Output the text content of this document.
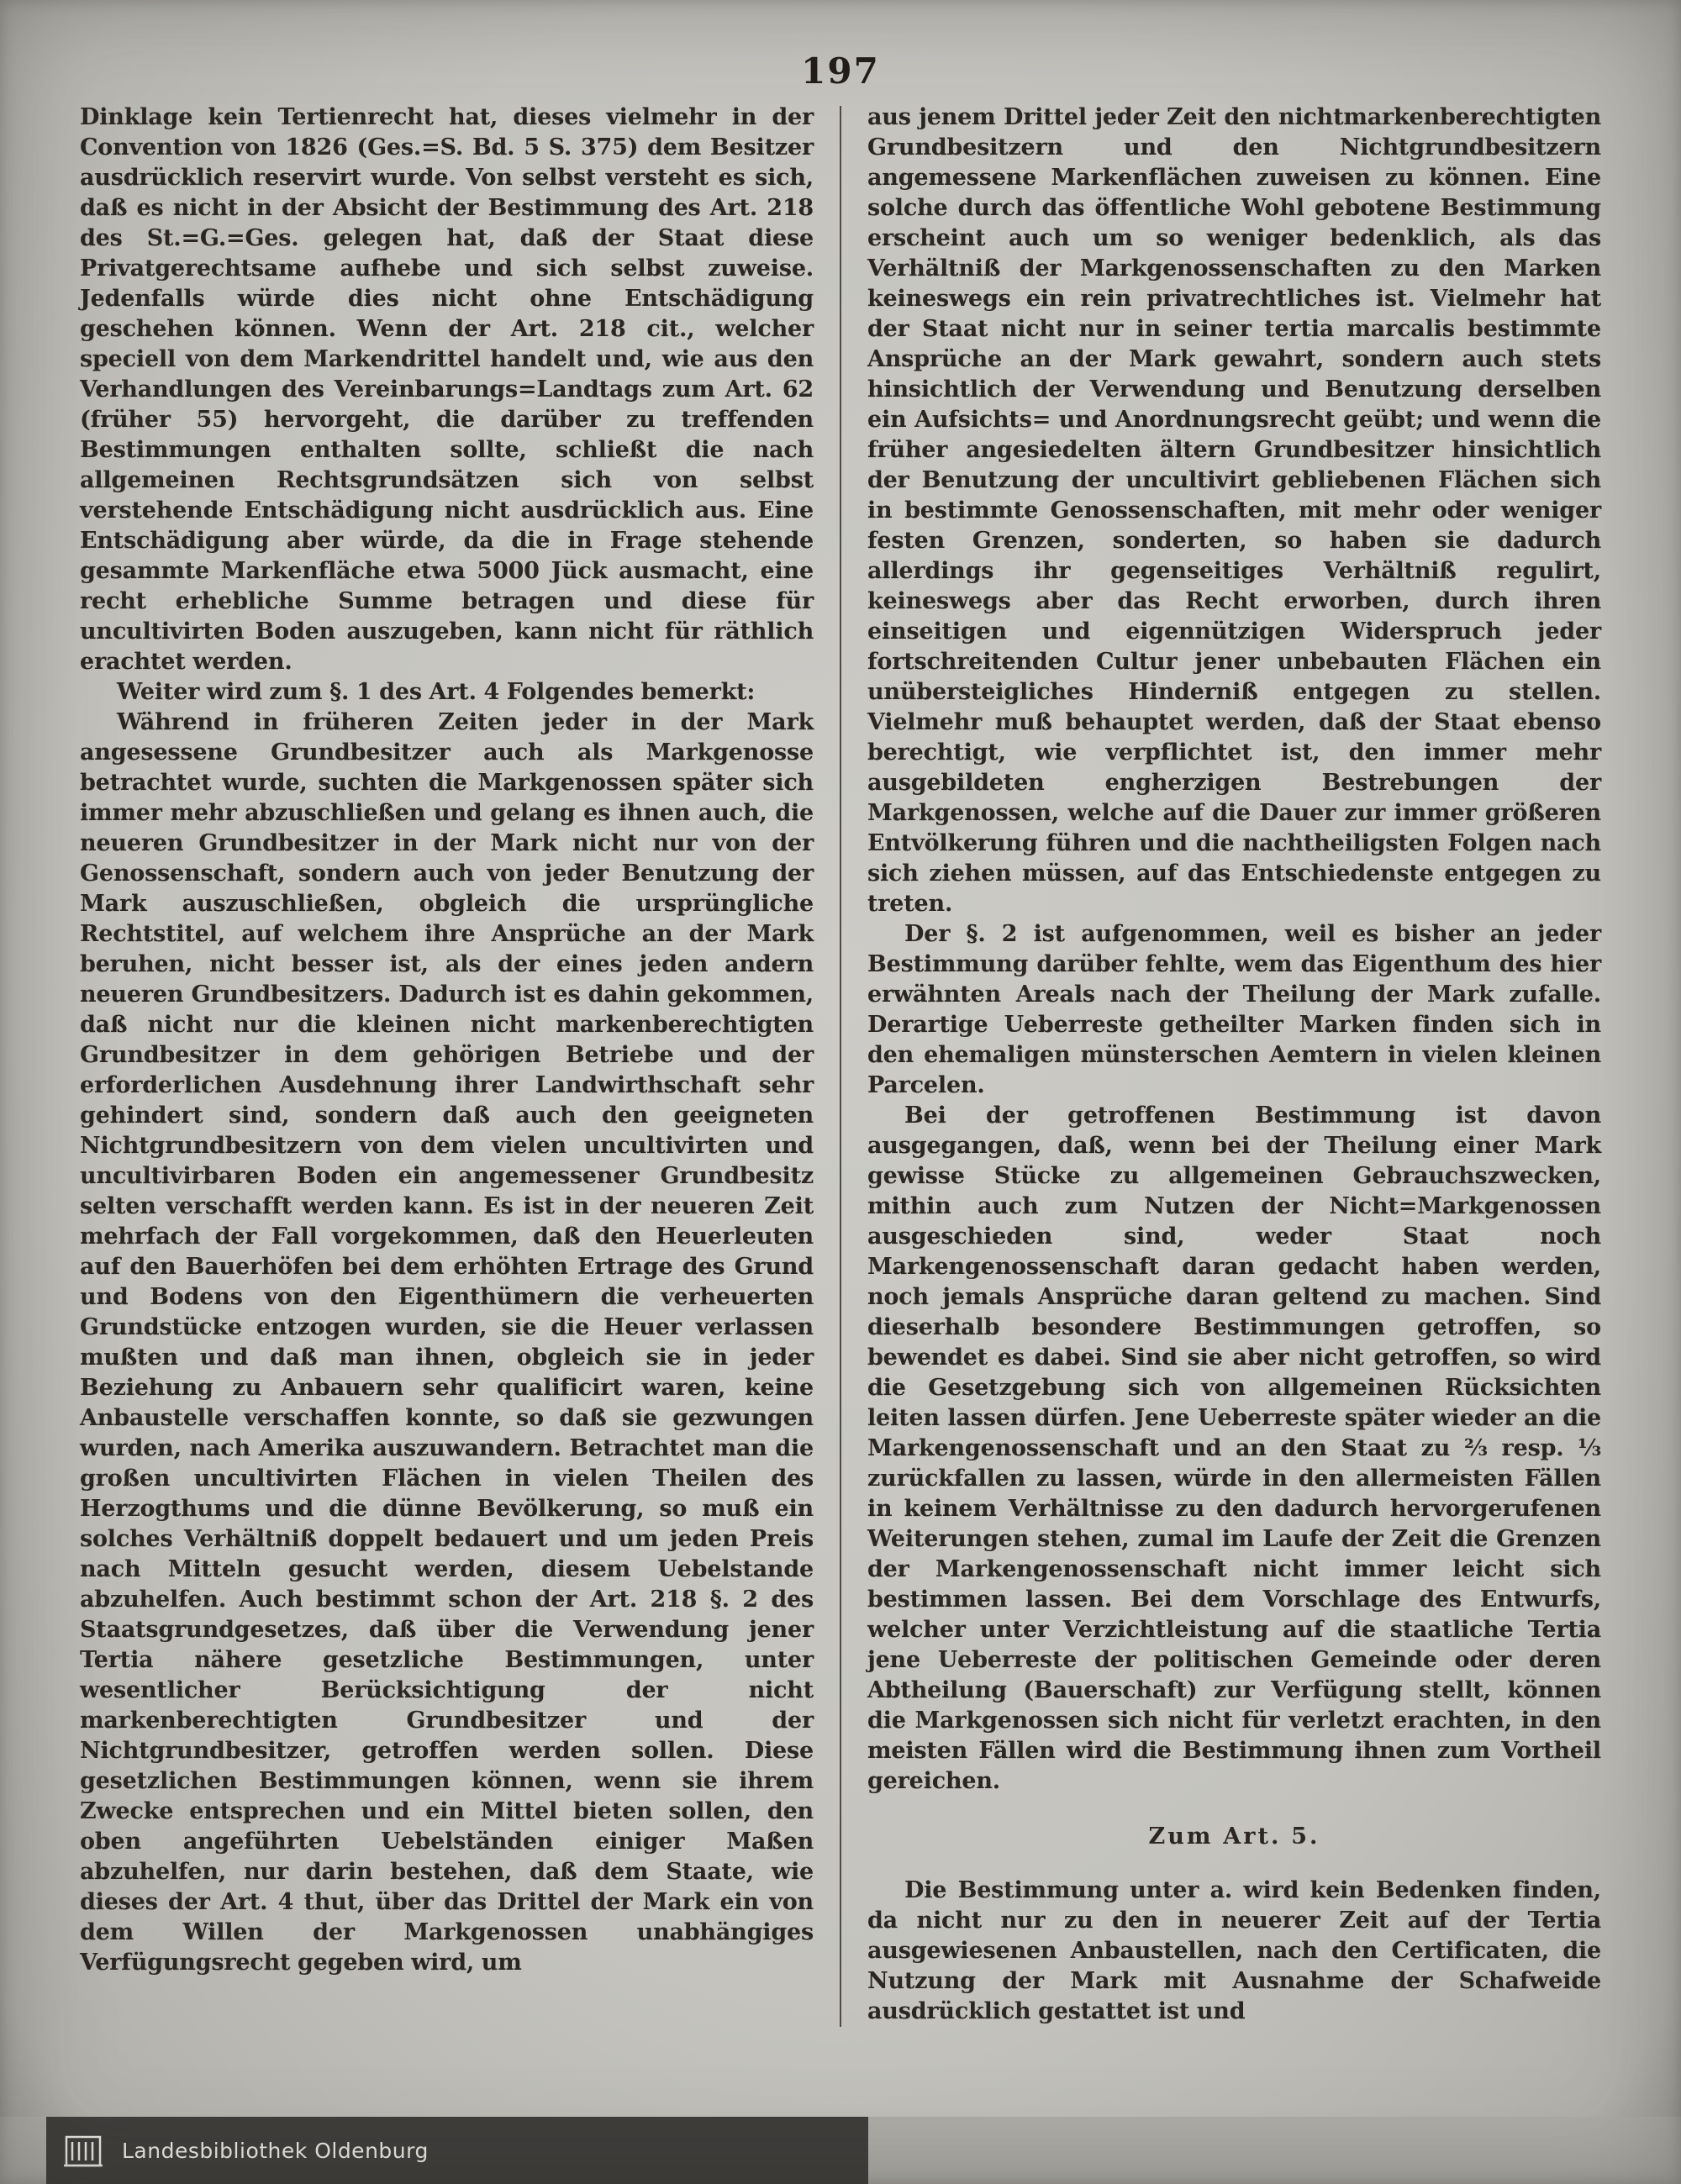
197

Dinklage kein Tertienrecht hat, dieses vielmehr in der Convention von 1826 (Ges.=S. Bd. 5 S. 375) dem Besitzer ausdrücklich reservirt wurde. Von selbst versteht es sich, daß es nicht in der Absicht der Bestimmung des Art. 218 des St.=G.=Ges. gelegen hat, daß der Staat diese Privatgerechtsame aufhebe und sich selbst zuweise. Jedenfalls würde dies nicht ohne Entschädigung geschehen können. Wenn der Art. 218 cit., welcher speciell von dem Markendrittel handelt und, wie aus den Verhandlungen des Vereinbarungs=Landtags zum Art. 62 (früher 55) hervorgeht, die darüber zu treffenden Bestimmungen enthalten sollte, schließt die nach allgemeinen Rechtsgrundsätzen sich von selbst verstehende Entschädigung nicht ausdrücklich aus. Eine Entschädigung aber würde, da die in Frage stehende gesammte Markenfläche etwa 5000 Jück ausmacht, eine recht erhebliche Summe betragen und diese für uncultivirten Boden auszugeben, kann nicht für räthlich erachtet werden.

Weiter wird zum §. 1 des Art. 4 Folgendes bemerkt:

Während in früheren Zeiten jeder in der Mark angesessene Grundbesitzer auch als Markgenosse betrachtet wurde, suchten die Markgenossen später sich immer mehr abzuschließen und gelang es ihnen auch, die neueren Grundbesitzer in der Mark nicht nur von der Genossenschaft, sondern auch von jeder Benutzung der Mark auszuschließen, obgleich die ursprüngliche Rechtstitel, auf welchem ihre Ansprüche an der Mark beruhen, nicht besser ist, als der eines jeden andern neueren Grundbesitzers. Dadurch ist es dahin gekommen, daß nicht nur die kleinen nicht markenberechtigten Grundbesitzer in dem gehörigen Betriebe und der erforderlichen Ausdehnung ihrer Landwirthschaft sehr gehindert sind, sondern daß auch den geeigneten Nichtgrundbesitzern von dem vielen uncultivirten und uncultivirbaren Boden ein angemessener Grundbesitz selten verschafft werden kann. Es ist in der neueren Zeit mehrfach der Fall vorgekommen, daß den Heuerleuten auf den Bauerhöfen bei dem erhöhten Ertrage des Grund und Bodens von den Eigenthümern die verheuerten Grundstücke entzogen wurden, sie die Heuer verlassen mußten und daß man ihnen, obgleich sie in jeder Beziehung zu Anbauern sehr qualificirt waren, keine Anbaustelle verschaffen konnte, so daß sie gezwungen wurden, nach Amerika auszuwandern. Betrachtet man die großen uncultivirten Flächen in vielen Theilen des Herzogthums und die dünne Bevölkerung, so muß ein solches Verhältniß doppelt bedauert und um jeden Preis nach Mitteln gesucht werden, diesem Uebelstande abzuhelfen. Auch bestimmt schon der Art. 218 §. 2 des Staatsgrundgesetzes, daß über die Verwendung jener Tertia nähere gesetzliche Bestimmungen, unter wesentlicher Berücksichtigung der nicht markenberechtigten Grundbesitzer und der Nichtgrundbesitzer, getroffen werden sollen. Diese gesetzlichen Bestimmungen können, wenn sie ihrem Zwecke entsprechen und ein Mittel bieten sollen, den oben angeführten Uebelständen einiger Maßen abzuhelfen, nur darin bestehen, daß dem Staate, wie dieses der Art. 4 thut, über das Drittel der Mark ein von dem Willen der Markgenossen unabhängiges Verfügungsrecht gegeben wird, um

aus jenem Drittel jeder Zeit den nichtmarkenberechtigten Grundbesitzern und den Nichtgrundbesitzern angemessene Markenflächen zuweisen zu können. Eine solche durch das öffentliche Wohl gebotene Bestimmung erscheint auch um so weniger bedenklich, als das Verhältniß der Markgenossenschaften zu den Marken keineswegs ein rein privatrechtliches ist. Vielmehr hat der Staat nicht nur in seiner tertia marcalis bestimmte Ansprüche an der Mark gewahrt, sondern auch stets hinsichtlich der Verwendung und Benutzung derselben ein Aufsichts= und Anordnungsrecht geübt; und wenn die früher angesiedelten ältern Grundbesitzer hinsichtlich der Benutzung der uncultivirt gebliebenen Flächen sich in bestimmte Genossenschaften, mit mehr oder weniger festen Grenzen, sonderten, so haben sie dadurch allerdings ihr gegenseitiges Verhältniß regulirt, keineswegs aber das Recht erworben, durch ihren einseitigen und eigennützigen Widerspruch jeder fortschreitenden Cultur jener unbebauten Flächen ein unübersteigliches Hinderniß entgegen zu stellen. Vielmehr muß behauptet werden, daß der Staat ebenso berechtigt, wie verpflichtet ist, den immer mehr ausgebildeten engherzigen Bestrebungen der Markgenossen, welche auf die Dauer zur immer größeren Entvölkerung führen und die nachtheiligsten Folgen nach sich ziehen müssen, auf das Entschiedenste entgegen zu treten.

Der §. 2 ist aufgenommen, weil es bisher an jeder Bestimmung darüber fehlte, wem das Eigenthum des hier erwähnten Areals nach der Theilung der Mark zufalle. Derartige Ueberreste getheilter Marken finden sich in den ehemaligen münsterschen Aemtern in vielen kleinen Parcelen.

Bei der getroffenen Bestimmung ist davon ausgegangen, daß, wenn bei der Theilung einer Mark gewisse Stücke zu allgemeinen Gebrauchszwecken, mithin auch zum Nutzen der Nicht=Markgenossen ausgeschieden sind, weder Staat noch Markengenossenschaft daran gedacht haben werden, noch jemals Ansprüche daran geltend zu machen. Sind dieserhalb besondere Bestimmungen getroffen, so bewendet es dabei. Sind sie aber nicht getroffen, so wird die Gesetzgebung sich von allgemeinen Rücksichten leiten lassen dürfen. Jene Ueberreste später wieder an die Markengenossenschaft und an den Staat zu ⅔ resp. ⅓ zurückfallen zu lassen, würde in den allermeisten Fällen in keinem Verhältnisse zu den dadurch hervorgerufenen Weiterungen stehen, zumal im Laufe der Zeit die Grenzen der Markengenossenschaft nicht immer leicht sich bestimmen lassen. Bei dem Vorschlage des Entwurfs, welcher unter Verzichtleistung auf die staatliche Tertia jene Ueberreste der politischen Gemeinde oder deren Abtheilung (Bauerschaft) zur Verfügung stellt, können die Markgenossen sich nicht für verletzt erachten, in den meisten Fällen wird die Bestimmung ihnen zum Vortheil gereichen.

Zum Art. 5.

Die Bestimmung unter a. wird kein Bedenken finden, da nicht nur zu den in neuerer Zeit auf der Tertia ausgewiesenen Anbaustellen, nach den Certificaten, die Nutzung der Mark mit Ausnahme der Schafweide ausdrücklich gestattet ist und

Landesbibliothek Oldenburg
